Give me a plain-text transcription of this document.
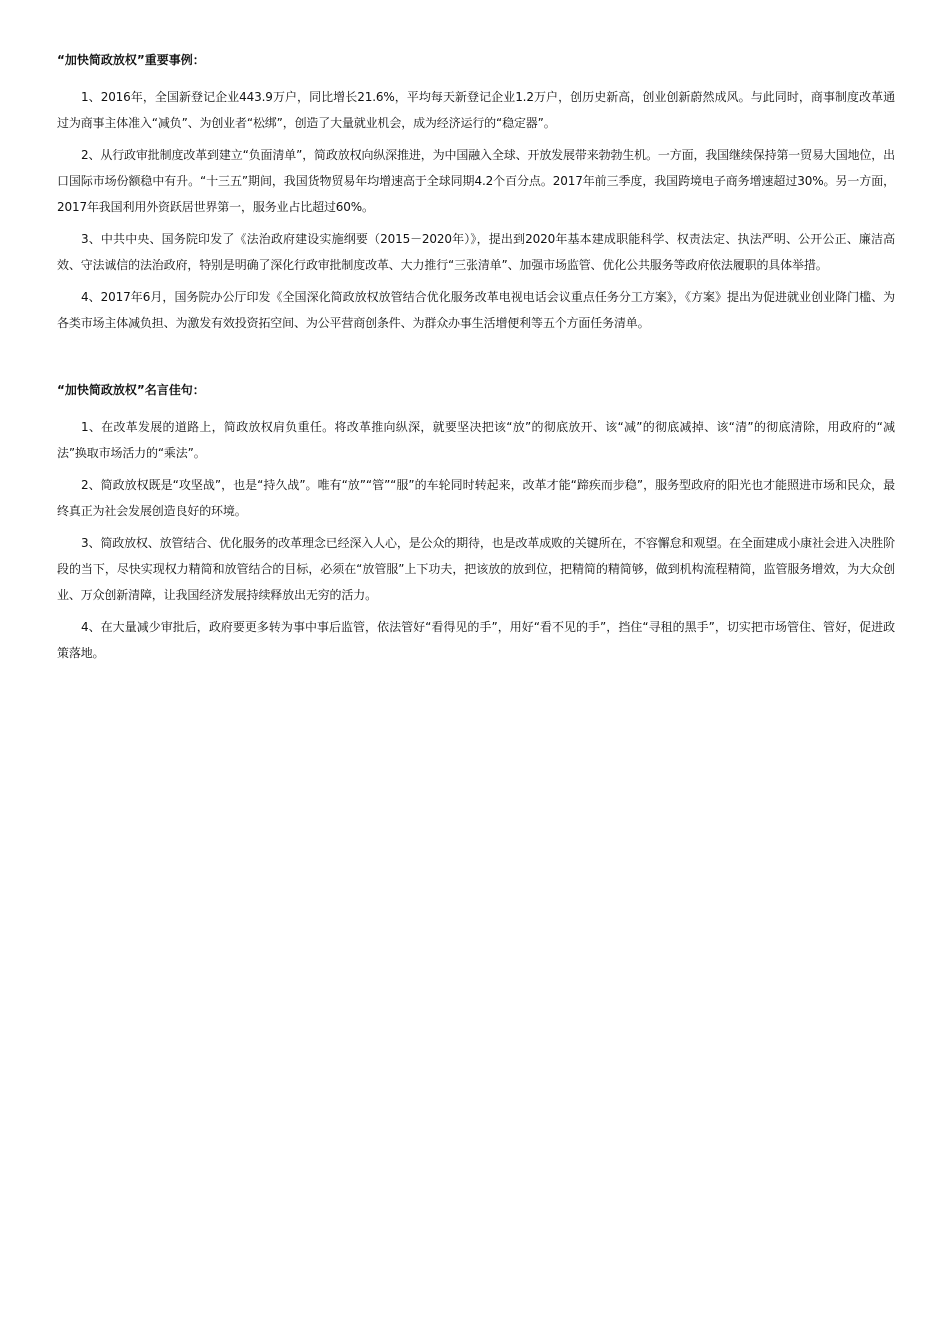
“加快简政放权”重要事例：

1、2016年，全国新登记企业443.9万户，同比增长21.6%，平均每天新登记企业1.2万户，创历史新高，创业创新蔚然成风。与此同时，商事制度改革通过为商事主体准入“减负”、为创业者“松绑”，创造了大量就业机会，成为经济运行的“稳定器”。

2、从行政审批制度改革到建立“负面清单”，简政放权向纵深推进，为中国融入全球、开放发展带来勃勃生机。一方面，我国继续保持第一贸易大国地位，出口国际市场份额稳中有升。“十三五”期间，我国货物贸易年均增速高于全球同期4.2个百分点。2017年前三季度，我国跨境电子商务增速超过30%。另一方面，2017年我国利用外资跃居世界第一，服务业占比超过60%。

3、中共中央、国务院印发了《法治政府建设实施纲要（2015－2020年）》，提出到2020年基本建成职能科学、权责法定、执法严明、公开公正、廉洁高效、守法诚信的法治政府，特别是明确了深化行政审批制度改革、大力推行“三张清单”、加强市场监管、优化公共服务等政府依法履职的具体举措。

4、2017年6月，国务院办公厅印发《全国深化简政放权放管结合优化服务改革电视电话会议重点任务分工方案》，《方案》提出为促进就业创业降门槛、为各类市场主体减负担、为激发有效投资拓空间、为公平营商创条件、为群众办事生活增便利等五个方面任务清单。

“加快简政放权”名言佳句：

1、在改革发展的道路上，简政放权肩负重任。将改革推向纵深，就要坚决把该“放”的彻底放开、该“减”的彻底减掉、该“清”的彻底清除，用政府的“减法”换取市场活力的“乘法”。

2、简政放权既是“攻坚战”，也是“持久战”。唯有“放”“管”“服”的车轮同时转起来，改革才能“蹄疾而步稳”，服务型政府的阳光也才能照进市场和民众，最终真正为社会发展创造良好的环境。

3、简政放权、放管结合、优化服务的改革理念已经深入人心，是公众的期待，也是改革成败的关键所在，不容懈怠和观望。在全面建成小康社会进入决胜阶段的当下，尽快实现权力精简和放管结合的目标，必须在“放管服”上下功夫，把该放的放到位，把精简的精简够，做到机构流程精简，监管服务增效，为大众创业、万众创新清障，让我国经济发展持续释放出无穷的活力。

4、在大量减少审批后，政府要更多转为事中事后监管，依法管好“看得见的手”，用好“看不见的手”，挡住“寻租的黑手”，切实把市场管住、管好，促进政策落地。
